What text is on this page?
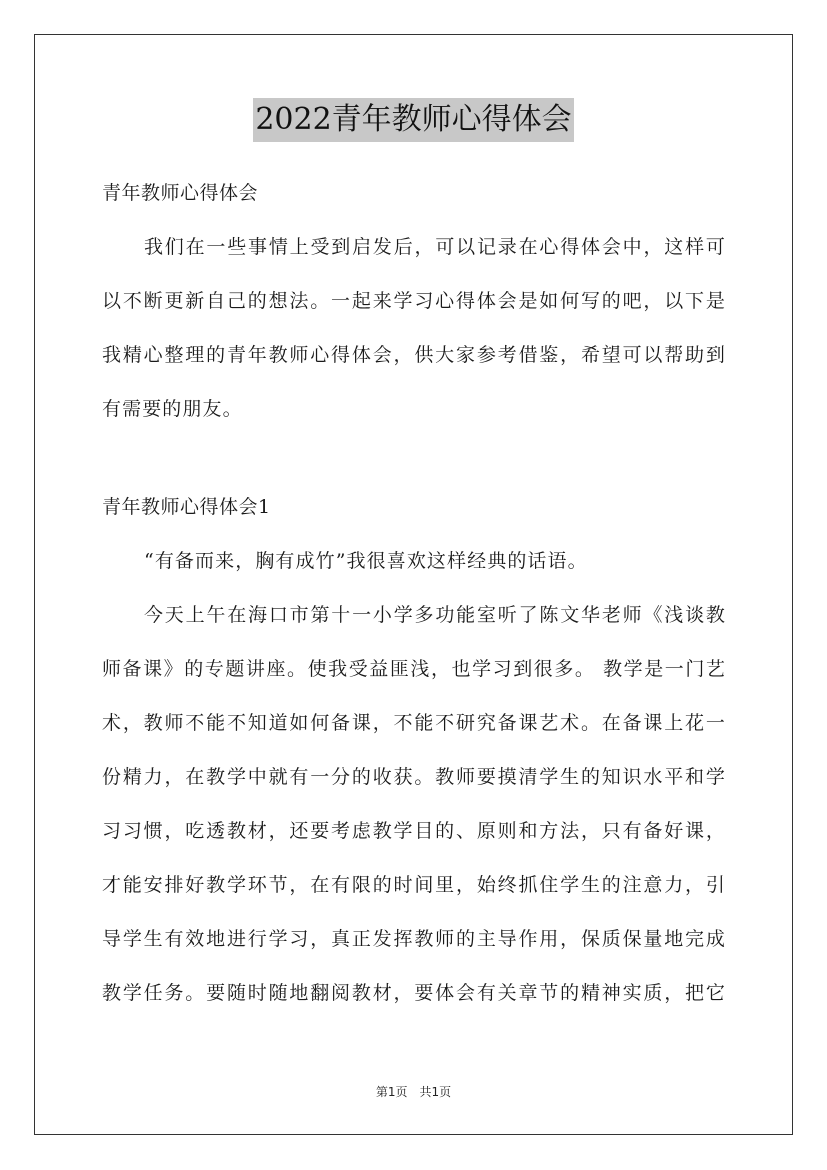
2022青年教师心得体会
青年教师心得体会
我们在一些事情上受到启发后，可以记录在心得体会中，这样可
以不断更新自己的想法。一起来学习心得体会是如何写的吧，以下是
我精心整理的青年教师心得体会，供大家参考借鉴，希望可以帮助到
有需要的朋友。
青年教师心得体会1
“有备而来，胸有成竹”我很喜欢这样经典的话语。
今天上午在海口市第十一小学多功能室听了陈文华老师《浅谈教
师备课》的专题讲座。使我受益匪浅，也学习到很多。 教学是一门艺
术，教师不能不知道如何备课，不能不研究备课艺术。在备课上花一
份精力，在教学中就有一分的收获。教师要摸清学生的知识水平和学
习习惯，吃透教材，还要考虑教学目的、原则和方法，只有备好课，
才能安排好教学环节，在有限的时间里，始终抓住学生的注意力，引
导学生有效地进行学习，真正发挥教师的主导作用，保质保量地完成
教学任务。要随时随地翻阅教材，要体会有关章节的精神实质，把它
第1页　共1页
